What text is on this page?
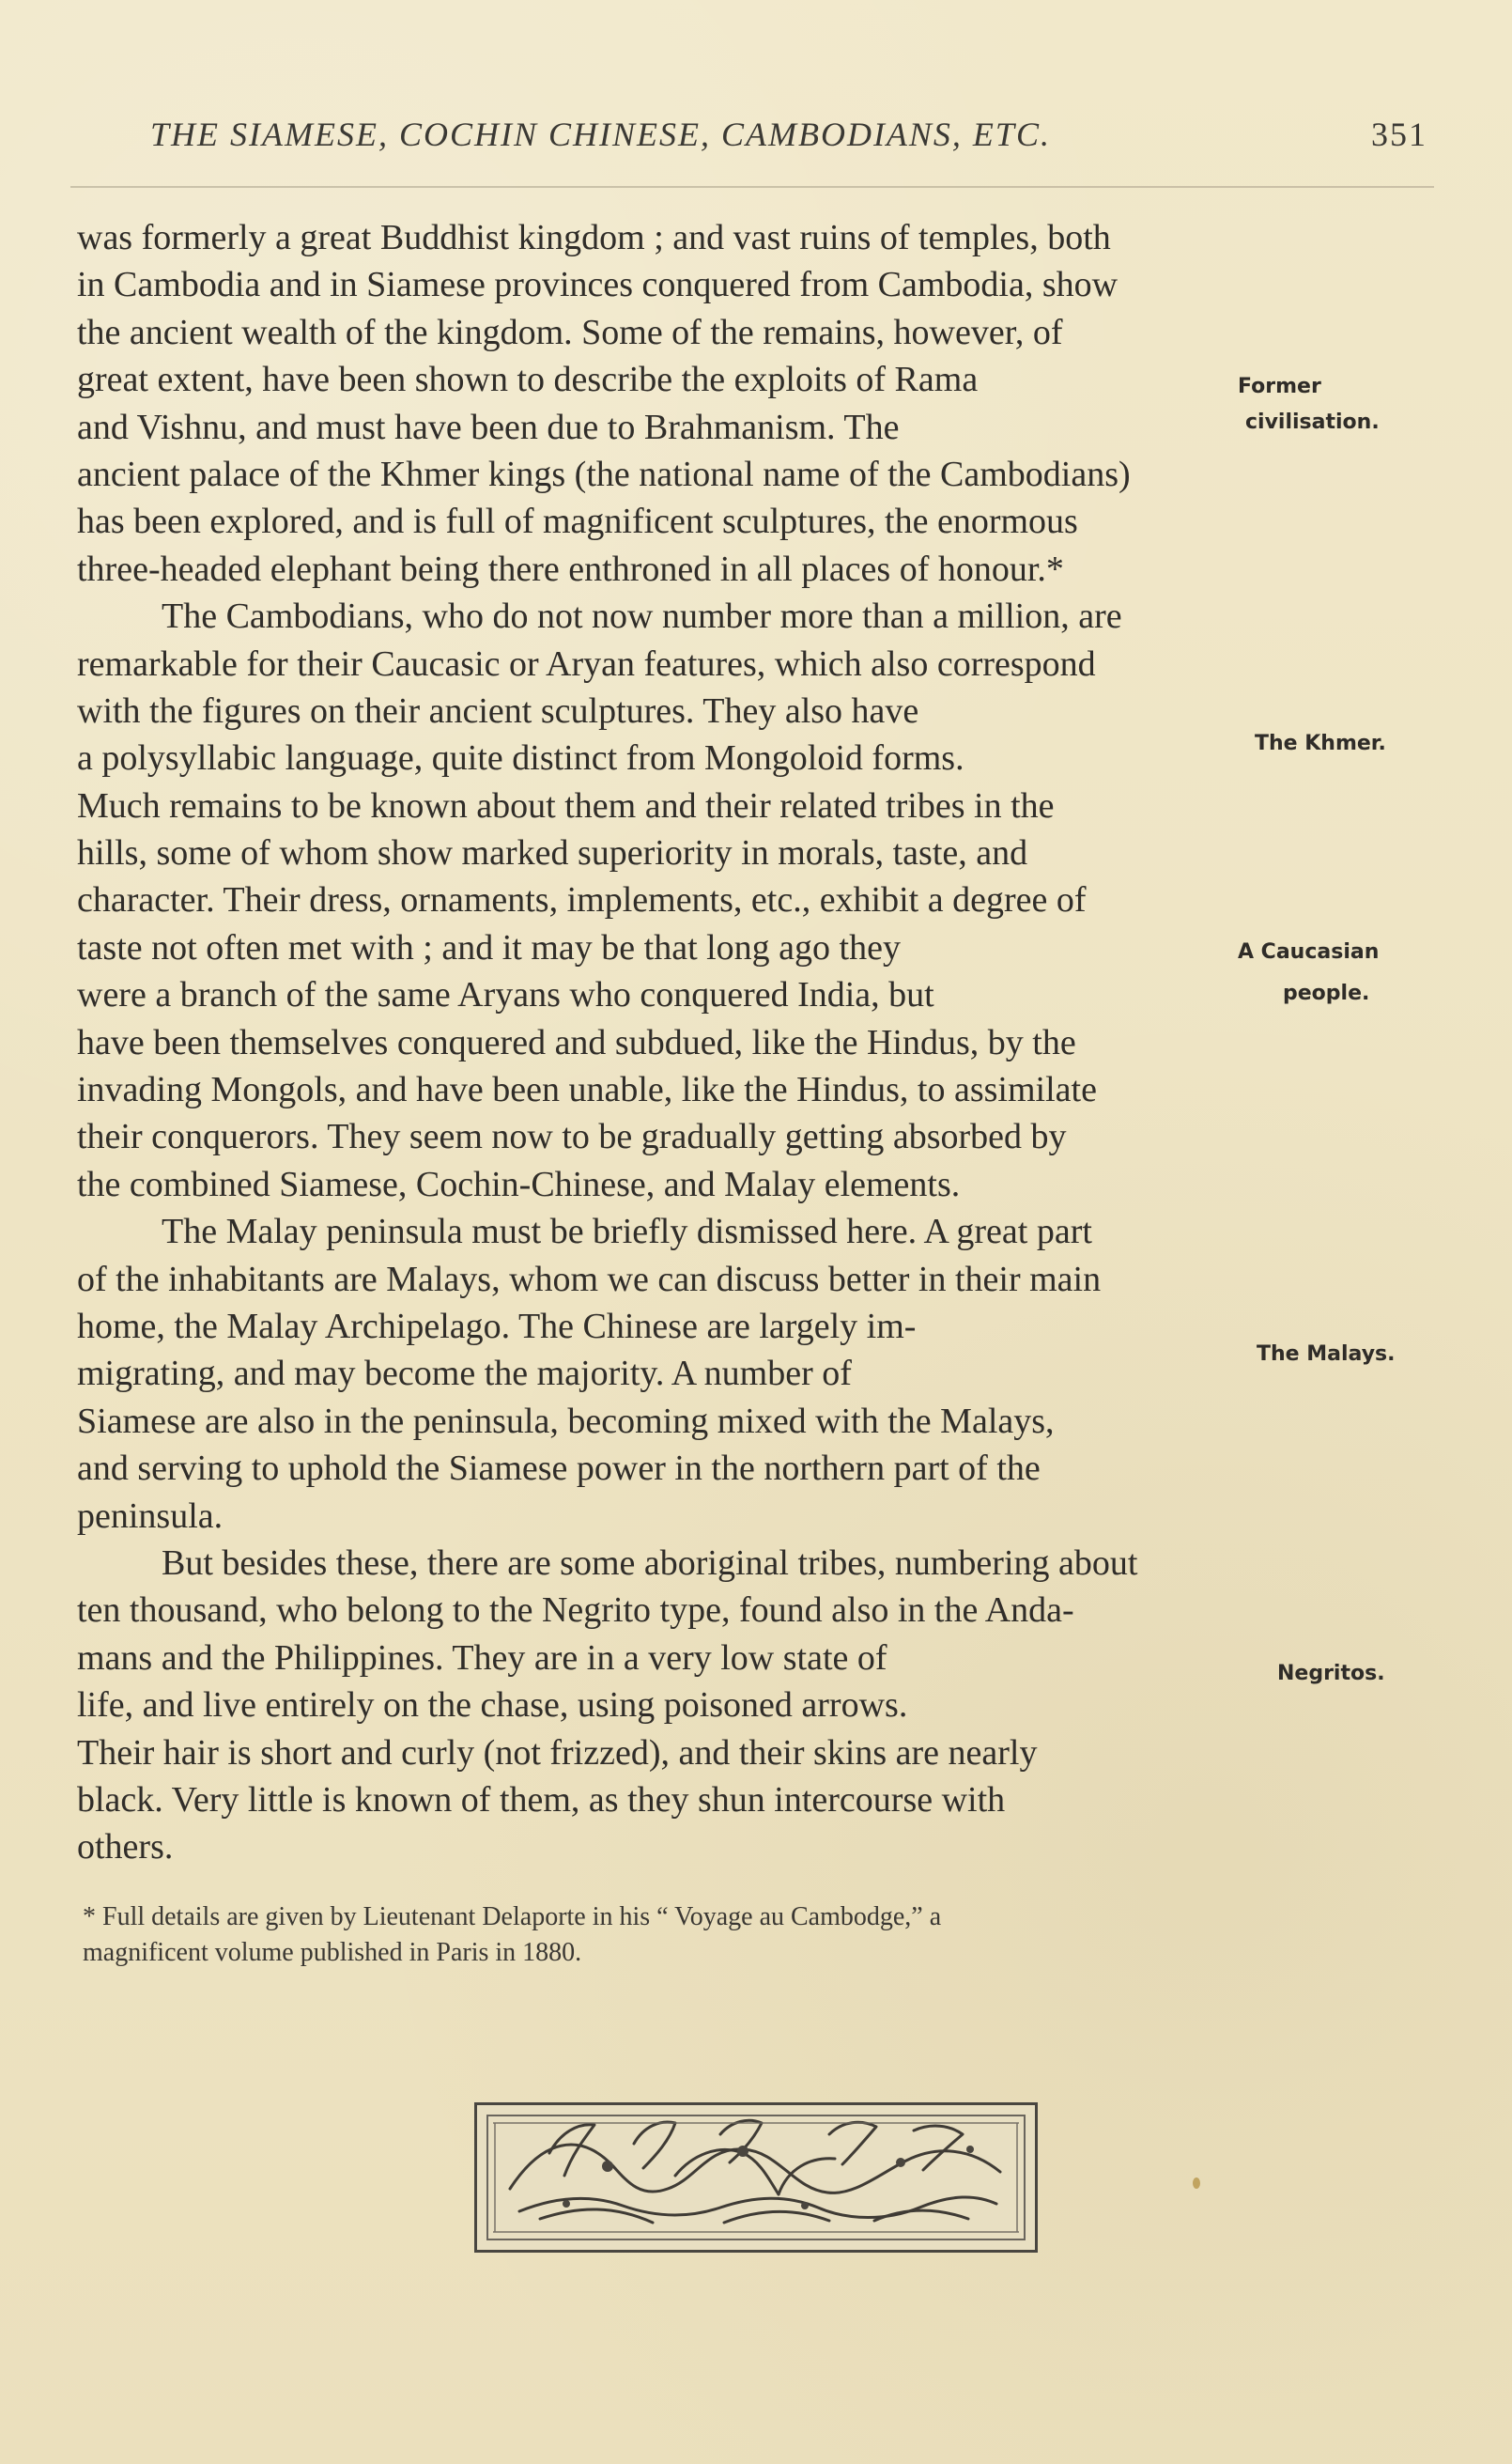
THE SIAMESE, COCHIN CHINESE, CAMBODIANS, ETC.	351
was formerly a great Buddhist kingdom ; and vast ruins of temples, both
in Cambodia and in Siamese provinces conquered from Cambodia, show
the ancient wealth of the kingdom. Some of the remains, however, of
great extent, have been shown to describe the exploits of Rama
and Vishnu, and must have been due to Brahmanism. The
ancient palace of the Khmer kings (the national name of the Cambodians)
has been explored, and is full of magnificent sculptures, the enormous
three-headed elephant being there enthroned in all places of honour.*
The Cambodians, who do not now number more than a million, are
remarkable for their Caucasic or Aryan features, which also correspond
with the figures on their ancient sculptures. They also have
a polysyllabic language, quite distinct from Mongoloid forms.
Much remains to be known about them and their related tribes in the
hills, some of whom show marked superiority in morals, taste, and
character. Their dress, ornaments, implements, etc., exhibit a degree of
taste not often met with ; and it may be that long ago they
were a branch of the same Aryans who conquered India, but
have been themselves conquered and subdued, like the Hindus, by the
invading Mongols, and have been unable, like the Hindus, to assimilate
their conquerors. They seem now to be gradually getting absorbed by
the combined Siamese, Cochin-Chinese, and Malay elements.
The Malay peninsula must be briefly dismissed here. A great part
of the inhabitants are Malays, whom we can discuss better in their main
home, the Malay Archipelago. The Chinese are largely im-
migrating, and may become the majority. A number of
Siamese are also in the peninsula, becoming mixed with the Malays,
and serving to uphold the Siamese power in the northern part of the
peninsula.
But besides these, there are some aboriginal tribes, numbering about
ten thousand, who belong to the Negrito type, found also in the Anda-
mans and the Philippines. They are in a very low state of
life, and live entirely on the chase, using poisoned arrows.
Their hair is short and curly (not frizzed), and their skins are nearly
black. Very little is known of them, as they shun intercourse with
others.
Former
civilisation.
The Khmer.
A Caucasian
people.
The Malays.
Negritos.
* Full details are given by Lieutenant Delaporte in his “ Voyage au Cambodge,” a
magnificent volume published in Paris in 1880.
